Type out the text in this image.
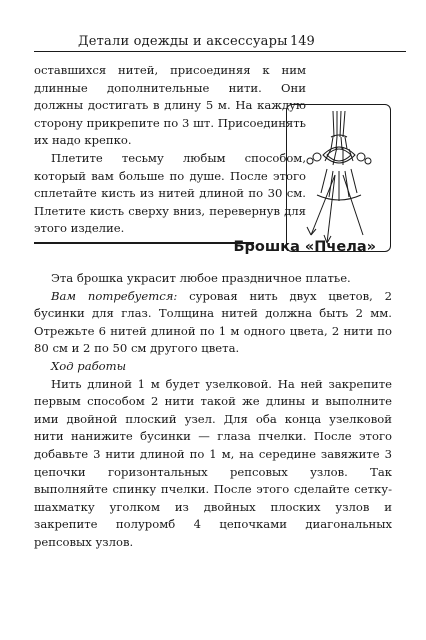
Детали одежды и аксессуары 149

оставшихся нитей, присоединяя к ним длинные дополнительные нити. Они должны достигать в длину 5 м. На каждую сторону прикрепите по 3 шт. Присоединять их надо крепко.

Плетите тесьму любым способом, который вам больше по душе. После этого сплетайте кисть из нитей длиной по 30 см. Плетите кисть сверху вниз, перевернув для этого изделие.

Брошка «Пчела»

Эта брошка украсит любое праздничное платье.

Вам потребуется: суровая нить двух цветов, 2 бусинки для глаз. Толщина нитей должна быть 2 мм. Отрежьте 6 нитей длиной по 1 м одного цвета, 2 нити по 80 см и 2 по 50 см другого цвета.

Ход работы

Нить длиной 1 м будет узелковой. На ней закрепите первым способом 2 нити такой же длины и выполните ими двойной плоский узел. Для оба конца узелковой нити нанижите бусинки — глаза пчелки. После этого добавьте 3 нити длиной по 1 м, на середине завяжите 3 цепочки горизонтальных репсовых узлов. Так выполняйте спинку пчелки. После этого сделайте сетку-шахматку уголком из двойных плоских узлов и закрепите полуромб 4 цепочками диагональных репсовых узлов.
